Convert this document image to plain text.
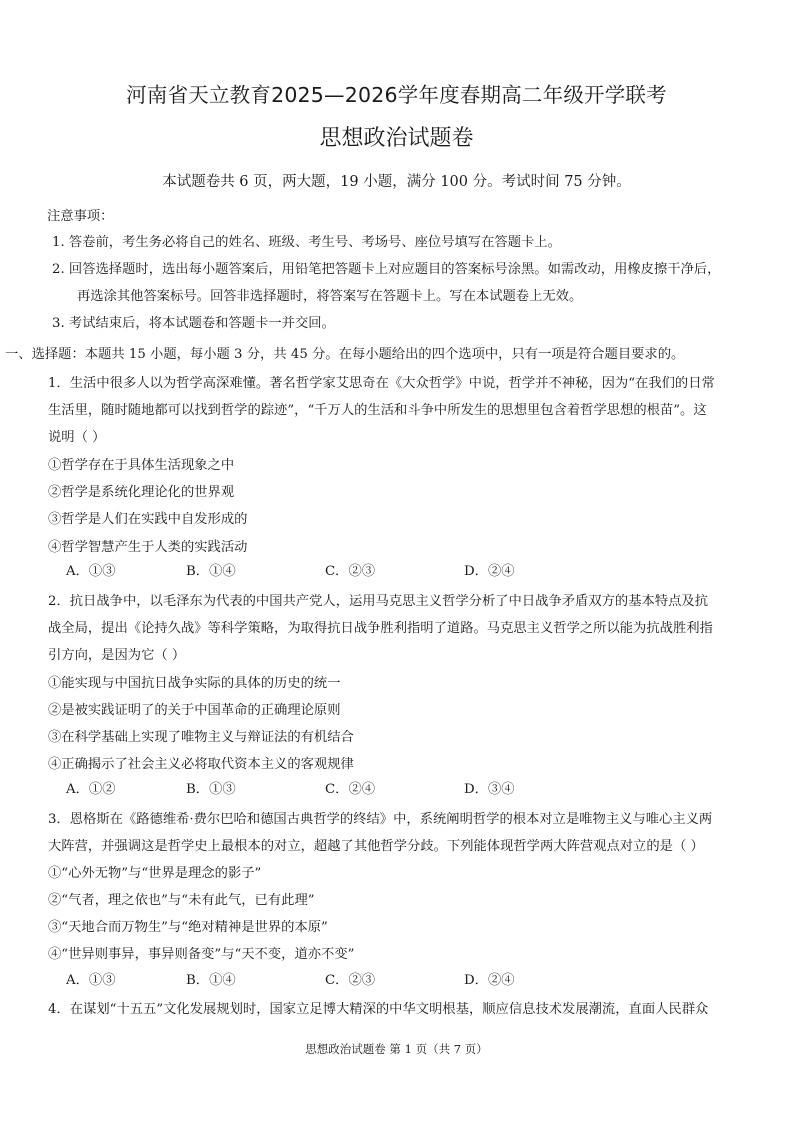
河南省天立教育2025—2026学年度春期高二年级开学联考
思想政治试题卷
本试题卷共 6 页，两大题，19 小题，满分 100 分。考试时间 75 分钟。
注意事项：
1. 答卷前，考生务必将自己的姓名、班级、考生号、考场号、座位号填写在答题卡上。
2. 回答选择题时，选出每小题答案后，用铅笔把答题卡上对应题目的答案标号涂黑。如需改动，用橡皮擦干净后，
再选涂其他答案标号。回答非选择题时，将答案写在答题卡上。写在本试题卷上无效。
3. 考试结束后，将本试题卷和答题卡一并交回。
一、选择题：本题共 15 小题，每小题 3 分，共 45 分。在每小题给出的四个选项中，只有一项是符合题目要求的。
1．生活中很多人以为哲学高深难懂。著名哲学家艾思奇在《大众哲学》中说，哲学并不神秘，因为“在我们的日常
生活里，随时随地都可以找到哲学的踪迹”，“千万人的生活和斗争中所发生的思想里包含着哲学思想的根苗”。这
说明（ ）
①哲学存在于具体生活现象之中
②哲学是系统化理论化的世界观
③哲学是人们在实践中自发形成的
④哲学智慧产生于人类的实践活动
A．①③	B．①④	C．②③	D．②④
2．抗日战争中，以毛泽东为代表的中国共产党人，运用马克思主义哲学分析了中日战争矛盾双方的基本特点及抗
战全局，提出《论持久战》等科学策略，为取得抗日战争胜利指明了道路。马克思主义哲学之所以能为抗战胜利指
引方向，是因为它（ ）
①能实现与中国抗日战争实际的具体的历史的统一
②是被实践证明了的关于中国革命的正确理论原则
③在科学基础上实现了唯物主义与辩证法的有机结合
④正确揭示了社会主义必将取代资本主义的客观规律
A．①②	B．①③	C．②④	D．③④
3．恩格斯在《路德维希·费尔巴哈和德国古典哲学的终结》中，系统阐明哲学的根本对立是唯物主义与唯心主义两
大阵营，并强调这是哲学史上最根本的对立，超越了其他哲学分歧。下列能体现哲学两大阵营观点对立的是（ ）
①“心外无物”与“世界是理念的影子”
②“气者，理之依也”与“未有此气，已有此理”
③“天地合而万物生”与“绝对精神是世界的本原”
④“世异则事异，事异则备变”与“天不变，道亦不变”
A．①③	B．①④	C．②③	D．②④
4．在谋划“十五五”文化发展规划时，国家立足博大精深的中华文明根基，顺应信息技术发展潮流，直面人民群众
思想政治试题卷 第 1 页（共 7 页）
